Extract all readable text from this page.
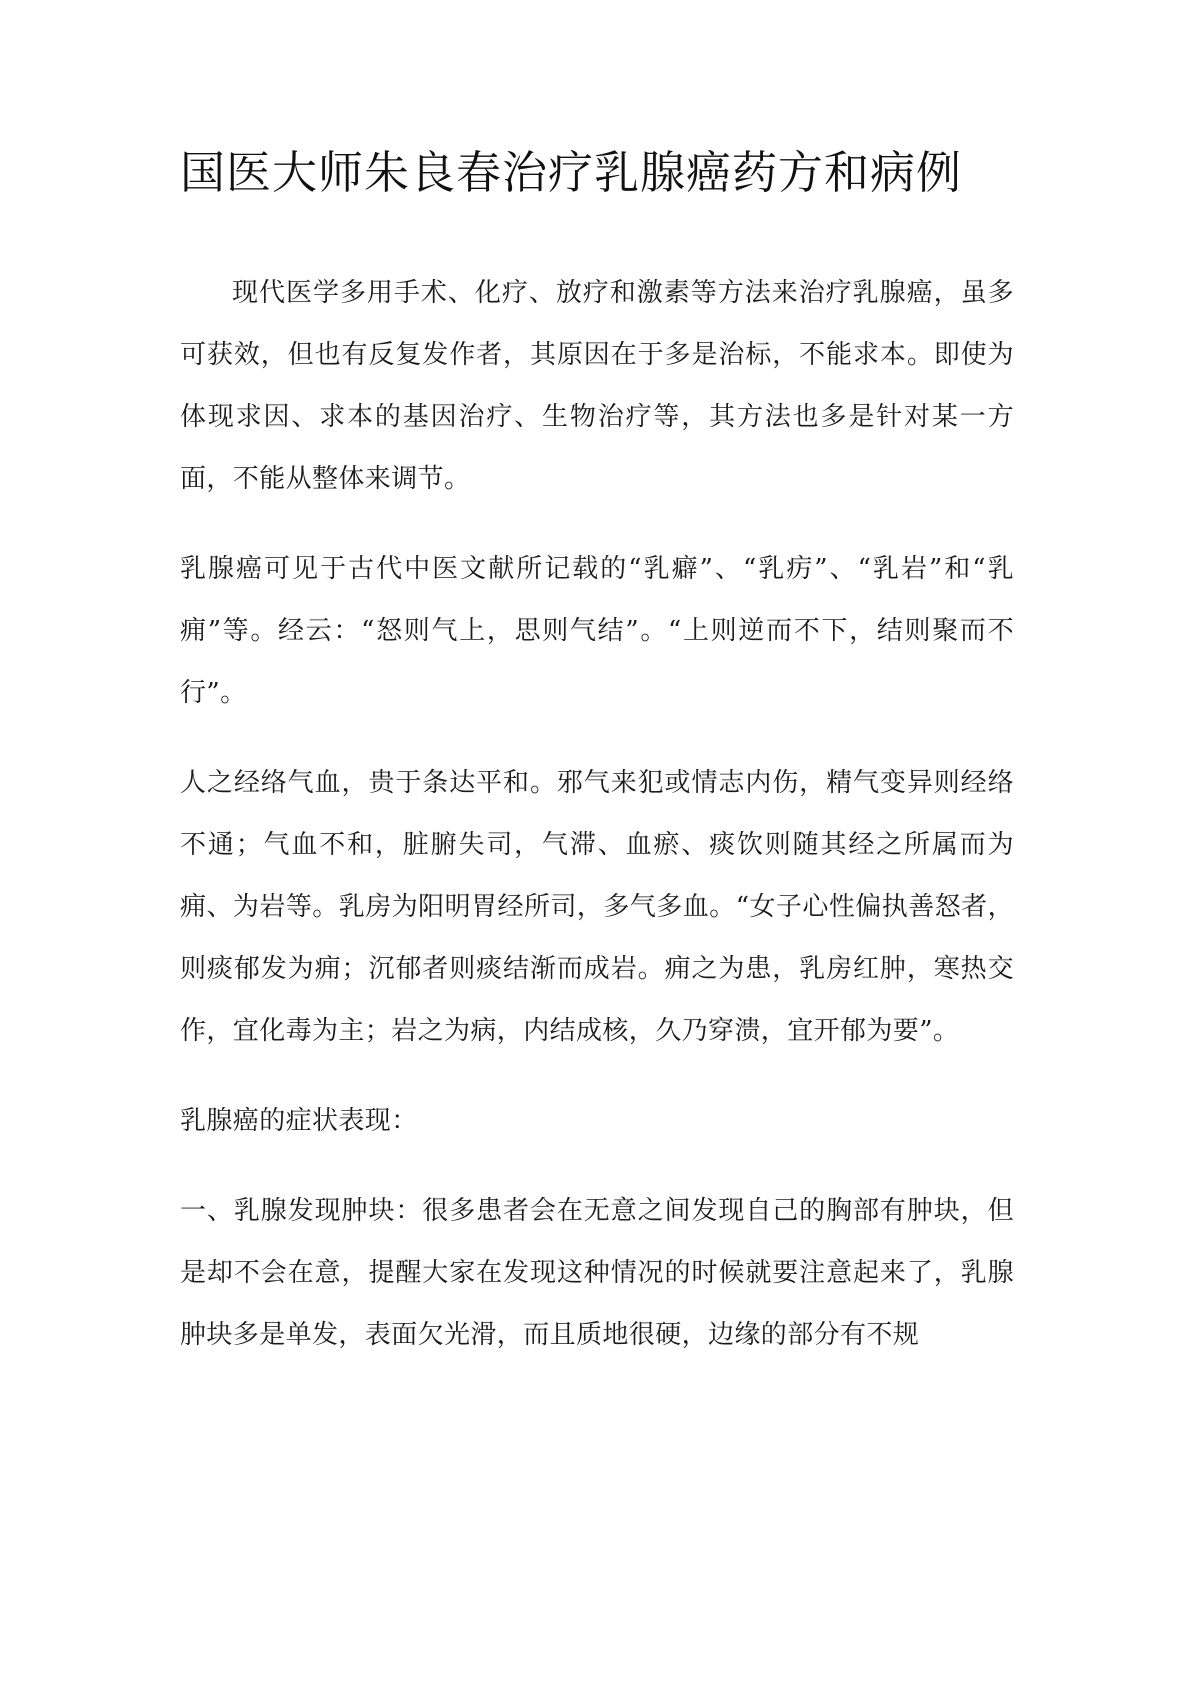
国医大师朱良春治疗乳腺癌药方和病例

现代医学多用手术、化疗、放疗和激素等方法来治疗乳腺癌，虽多可获效，但也有反复发作者，其原因在于多是治标，不能求本。即使为体现求因、求本的基因治疗、生物治疗等，其方法也多是针对某一方面，不能从整体来调节。

乳腺癌可见于古代中医文献所记载的“乳癖”、“乳疠”、“乳岩”和“乳痈”等。经云：“怒则气上，思则气结”。“上则逆而不下，结则聚而不行”。

人之经络气血，贵于条达平和。邪气来犯或情志内伤，精气变异则经络不通；气血不和，脏腑失司，气滞、血瘀、痰饮则随其经之所属而为痈、为岩等。乳房为阳明胃经所司，多气多血。“女子心性偏执善怒者，则痰郁发为痈；沉郁者则痰结渐而成岩。痈之为患，乳房红肿，寒热交作，宜化毒为主；岩之为病，内结成核，久乃穿溃，宜开郁为要”。

乳腺癌的症状表现：

一、乳腺发现肿块：很多患者会在无意之间发现自己的胸部有肿块，但是却不会在意，提醒大家在发现这种情况的时候就要注意起来了，乳腺肿块多是单发，表面欠光滑，而且质地很硬，边缘的部分有不规
